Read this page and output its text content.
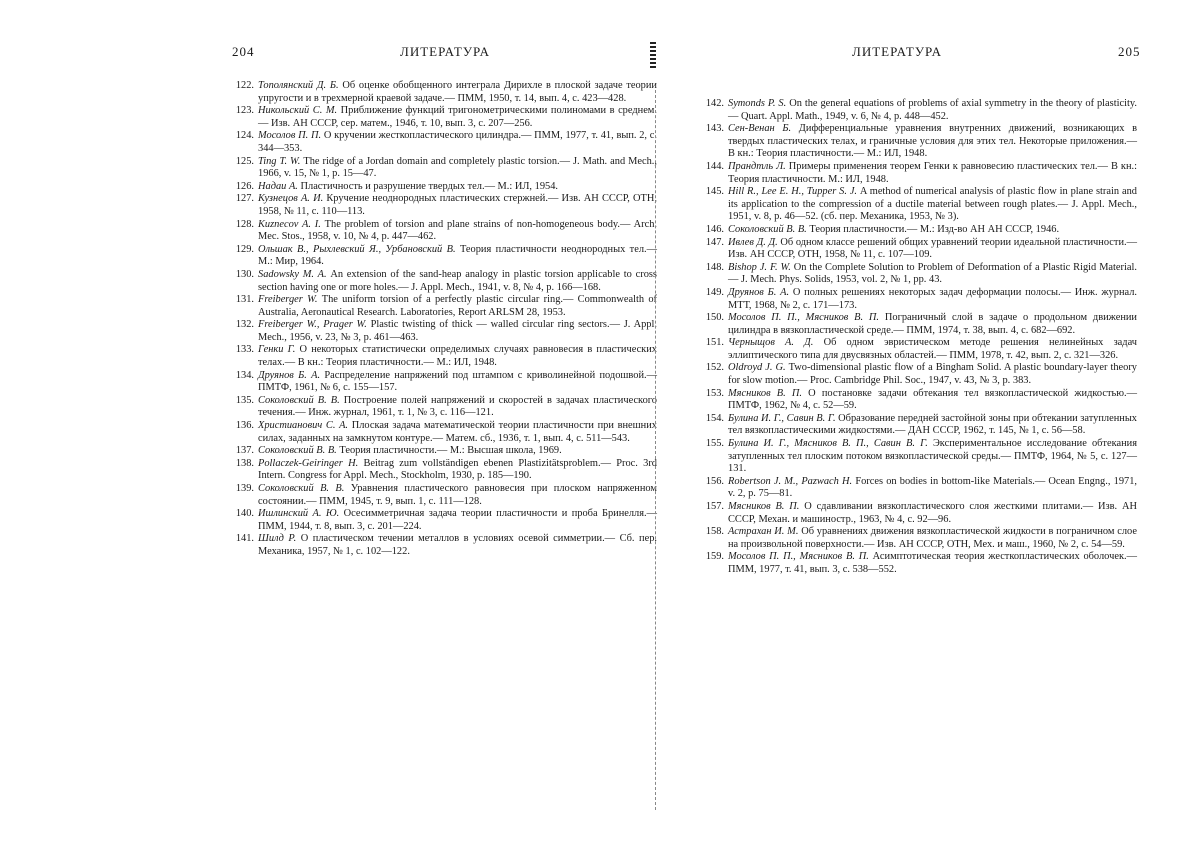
204	ЛИТЕРАТУРА
122. Тополянский Д. Б. Об оценке обобщенного интеграла Дирихле в плоской задаче теории упругости и в трехмерной краевой задаче.— ПММ, 1950, т. 14, вып. 4, с. 423—428.
123. Никольский С. М. Приближение функций тригонометрическими полиномами в среднем.— Изв. АН СССР, сер. матем., 1946, т. 10, вып. 3, с. 207—256.
124. Мосолов П. П. О кручении жесткопластического цилиндра.— ПММ, 1977, т. 41, вып. 2, с. 344—353.
125. Ting T. W. The ridge of a Jordan domain and completely plastic torsion.— J. Math. and Mech., 1966, v. 15, № 1, p. 15—47.
126. Надаи А. Пластичность и разрушение твердых тел.— М.: ИЛ, 1954.
127. Кузнецов А. И. Кручение неоднородных пластических стержней.— Изв. АН СССР, ОТН, 1958, № 11, с. 110—113.
128. Kuznecov A. I. The problem of torsion and plane strains of non-homogeneous body.— Arch. Mec. Stos., 1958, v. 10, № 4, p. 447—462.
129. Ольшак В., Рыхлевский Я., Урбановский В. Теория пластичности неоднородных тел.— М.: Мир, 1964.
130. Sadowsky M. A. An extension of the sand-heap analogy in plastic torsion applicable to cross section having one or more holes.— J. Appl. Mech., 1941, v. 8, № 4, p. 166—168.
131. Freiberger W. The uniform torsion of a perfectly plastic circular ring.— Commonwealth of Australia, Aeronautical Research. Laboratories, Report ARLSM 28, 1953.
132. Freiberger W., Prager W. Plastic twisting of thick — walled circular ring sectors.— J. Appl. Mech., 1956, v. 23, № 3, p. 461—463.
133. Генки Г. О некоторых статистически определимых случаях равновесия в пластических телах.— В кн.: Теория пластичности.— М.: ИЛ, 1948.
134. Друянов Б. А. Распределение напряжений под штампом с криволинейной подошвой.— ПМТФ, 1961, № 6, с. 155—157.
135. Соколовский В. В. Построение полей напряжений и скоростей в задачах пластического течения.— Инж. журнал, 1961, т. 1, № 3, с. 116—121.
136. Христианович С. А. Плоская задача математической теории пластичности при внешних силах, заданных на замкнутом контуре.— Матем. сб., 1936, т. 1, вып. 4, с. 511—543.
137. Соколовский В. В. Теория пластичности.— М.: Высшая школа, 1969.
138. Pollaczek-Geiringer H. Beitrag zum vollständigen ebenen Plastizitätsproblem.— Proc. 3rd Intern. Congress for Appl. Mech., Stockholm, 1930, p. 185—190.
139. Соколовский В. В. Уравнения пластического равновесия при плоском напряженном состоянии.— ПММ, 1945, т. 9, вып. 1, с. 111—128.
140. Ишлинский А. Ю. Осесимметричная задача теории пластичности и проба Бринелля.— ПММ, 1944, т. 8, вып. 3, с. 201—224.
141. Шилд Р. О пластическом течении металлов в условиях осевой симметрии.— Сб. пер. Механика, 1957, № 1, с. 102—122.
ЛИТЕРАТУРА	205
142. Symonds P. S. On the general equations of problems of axial symmetry in the theory of plasticity.— Quart. Appl. Math., 1949, v. 6, № 4, p. 448—452.
143. Сен-Венан Б. Дифференциальные уравнения внутренних движений, возникающих в твердых пластических телах, и граничные условия для этих тел. Некоторые приложения.— В кн.: Теория пластичности.— М.: ИЛ, 1948.
144. Прандтль Л. Примеры применения теорем Генки к равновесию пластических тел.— В кн.: Теория пластичности. М.: ИЛ, 1948.
145. Hill R., Lee E. H., Tupper S. J. A method of numerical analysis of plastic flow in plane strain and its application to the compression of a ductile material between rough plates.— J. Appl. Mech., 1951, v. 8, p. 46—52. (сб. пер. Механика, 1953, № 3).
146. Соколовский В. В. Теория пластичности.— М.: Изд-во АН АН СССР, 1946.
147. Ивлев Д. Д. Об одном классе решений общих уравнений теории идеальной пластичности.— Изв. АН СССР, ОТН, 1958, № 11, с. 107—109.
148. Bishop J. F. W. On the Complete Solution to Problem of Deformation of a Plastic Rigid Material.— J. Mech. Phys. Solids, 1953, vol. 2, № 1, pp. 43.
149. Друянов Б. А. О полных решениях некоторых задач деформации полосы.— Инж. журнал. МТТ, 1968, № 2, с. 171—173.
150. Мосолов П. П., Мясников В. П. Пограничный слой в задаче о продольном движении цилиндра в вязкопластической среде.— ПММ, 1974, т. 38, вып. 4, с. 682—692.
151. Черныщов А. Д. Об одном эвристическом методе решения нелинейных задач эллиптического типа для двусвязных областей.— ПММ, 1978, т. 42, вып. 2, с. 321—326.
152. Oldroyd J. G. Two-dimensional plastic flow of a Bingham Solid. A plastic boundary-layer theory for slow motion.— Proc. Cambridge Phil. Soc., 1947, v. 43, № 3, p. 383.
153. Мясников В. П. О постановке задачи обтекания тел вязкопластической жидкостью.— ПМТФ, 1962, № 4, с. 52—59.
154. Булина И. Г., Савин В. Г. Образование передней застойной зоны при обтекании затупленных тел вязкопластическими жидкостями.— ДАН СССР, 1962, т. 145, № 1, с. 56—58.
155. Булина И. Г., Мясников В. П., Савин В. Г. Экспериментальное исследование обтекания затупленных тел плоским потоком вязкопластической среды.— ПМТФ, 1964, № 5, с. 127—131.
156. Robertson J. M., Pazwach H. Forces on bodies in bottom-like Materials.— Ocean Engng., 1971, v. 2, p. 75—81.
157. Мясников В. П. О сдавливании вязкопластического слоя жесткими плитами.— Изв. АН СССР, Механ. и машиностр., 1963, № 4, с. 92—96.
158. Астрахан И. М. Об уравнениях движения вязкопластической жидкости в пограничном слое на произвольной поверхности.— Изв. АН СССР, ОТН, Мех. и маш., 1960, № 2, с. 54—59.
159. Мосолов П. П., Мясников В. П. Асимптотическая теория жесткопластических оболочек.— ПММ, 1977, т. 41, вып. 3, с. 538—552.
